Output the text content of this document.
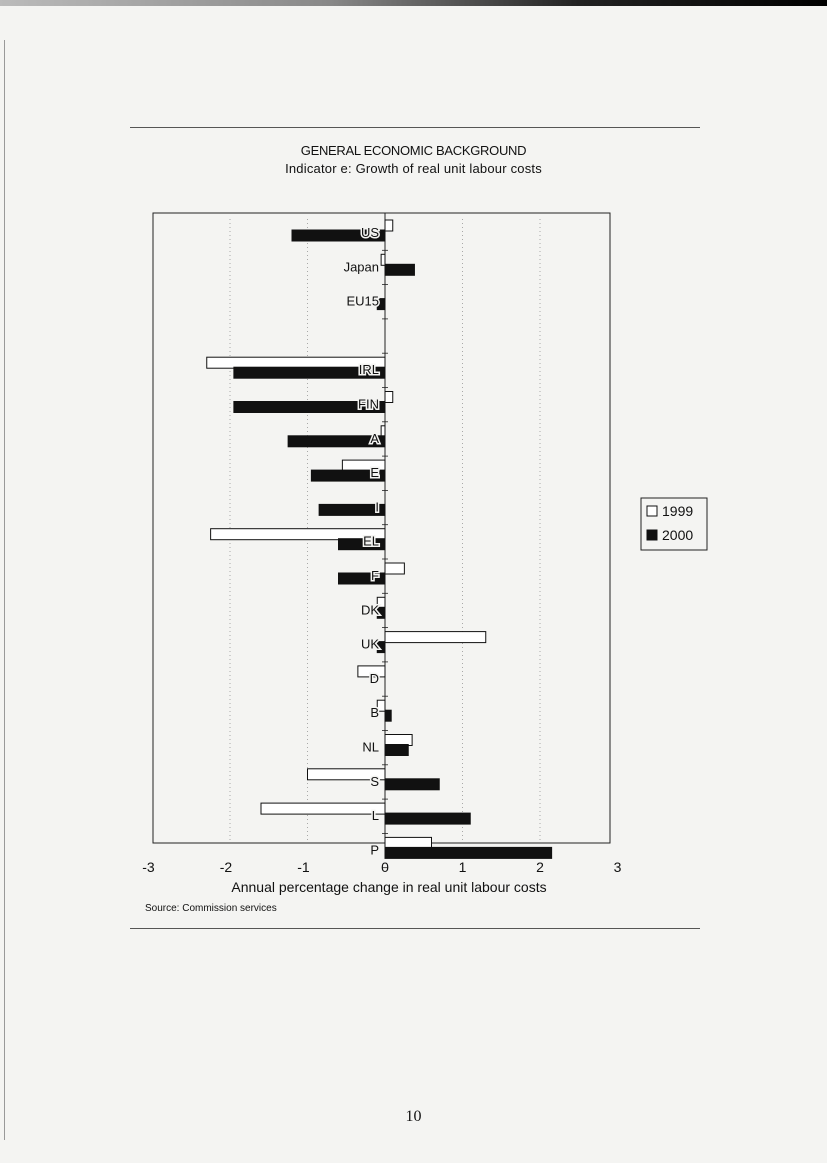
GENERAL ECONOMIC BACKGROUND
Indicator e: Growth of real unit labour costs
US
Japan
EU15
IRL
FIN
A
E
I
EL
F
DK
UK
D
B
NL
S
L
P
-3	-2	-1	0	1	2	3
Annual percentage change in real unit labour costs
1999
2000
Source: Commission services
10
